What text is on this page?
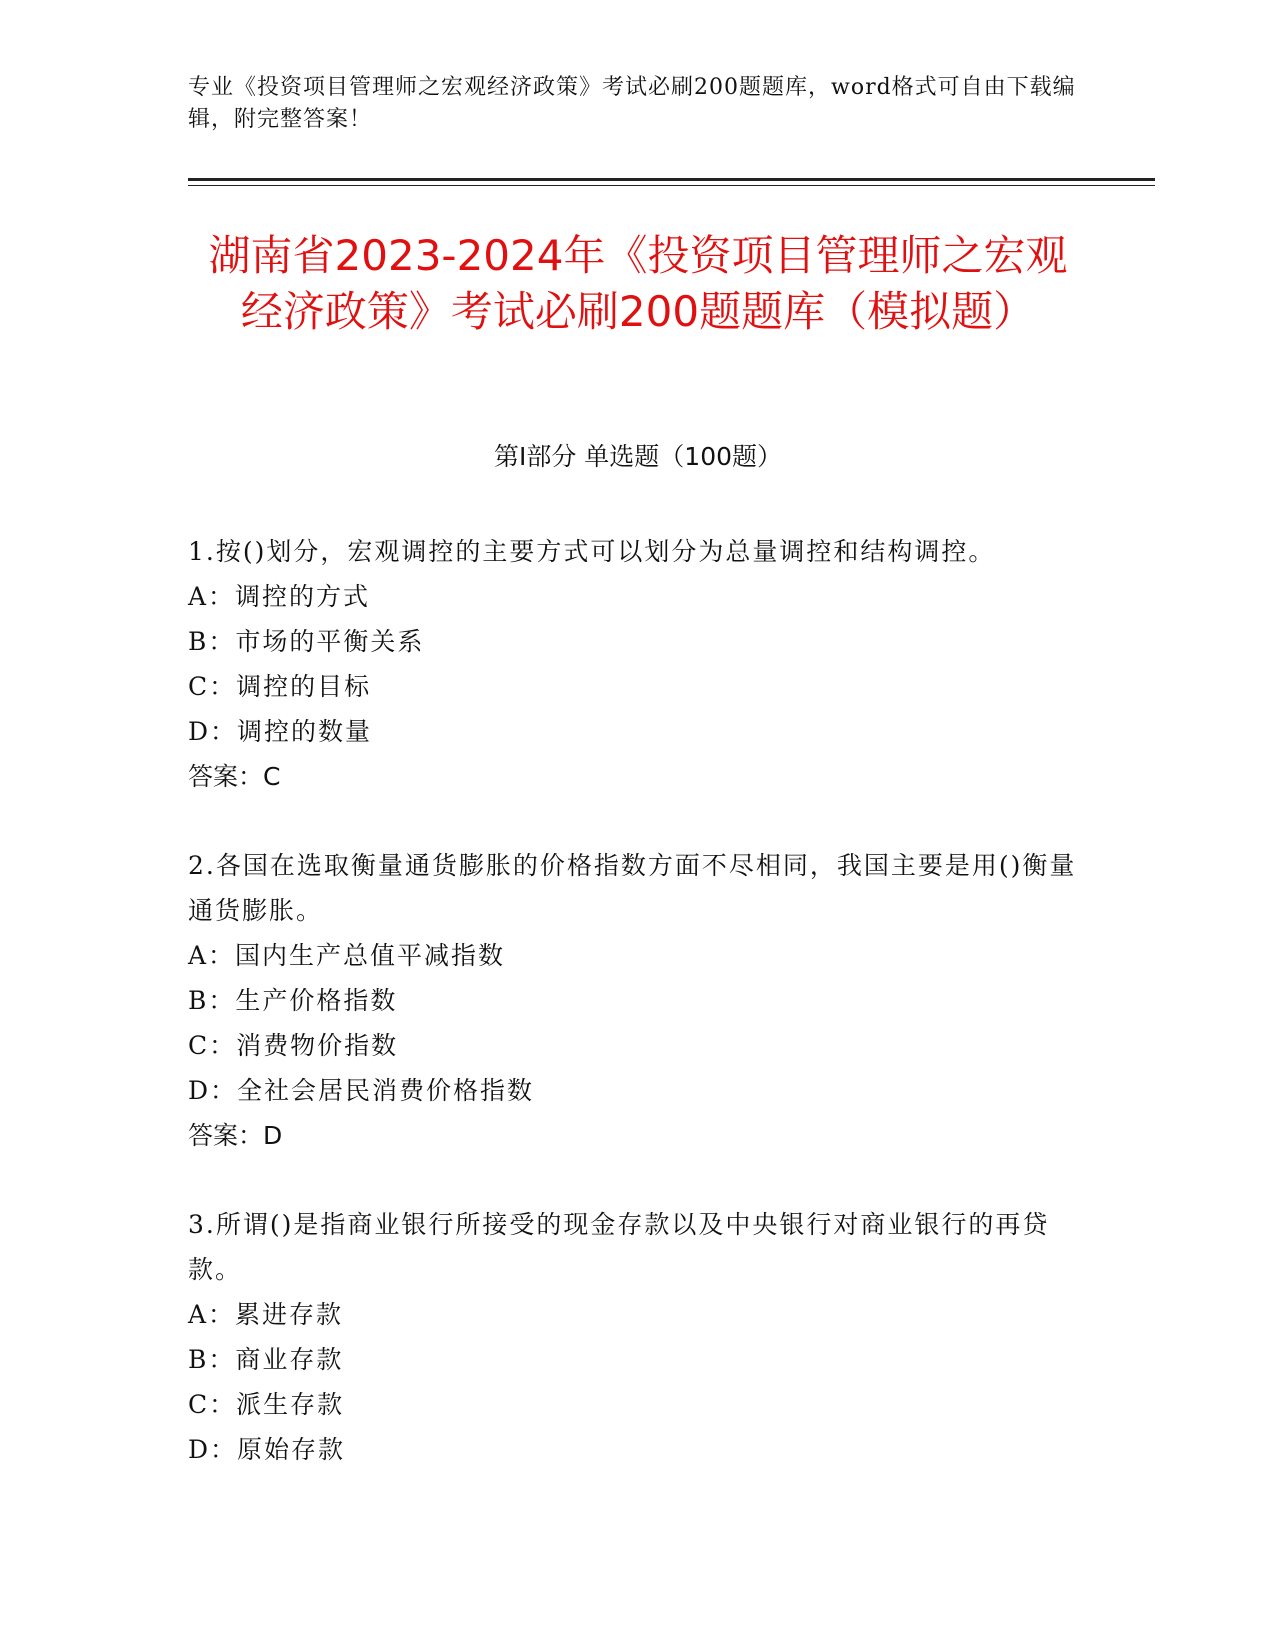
专业《投资项目管理师之宏观经济政策》考试必刷200题题库，word格式可自由下载编辑，附完整答案！
湖南省2023-2024年《投资项目管理师之宏观经济政策》考试必刷200题题库（模拟题）
第I部分 单选题（100题）
1.按()划分，宏观调控的主要方式可以划分为总量调控和结构调控。
A：调控的方式
B：市场的平衡关系
C：调控的目标
D：调控的数量
答案：C
2.各国在选取衡量通货膨胀的价格指数方面不尽相同，我国主要是用()衡量通货膨胀。
A：国内生产总值平减指数
B：生产价格指数
C：消费物价指数
D：全社会居民消费价格指数
答案：D
3.所谓()是指商业银行所接受的现金存款以及中央银行对商业银行的再贷款。
A：累进存款
B：商业存款
C：派生存款
D：原始存款
